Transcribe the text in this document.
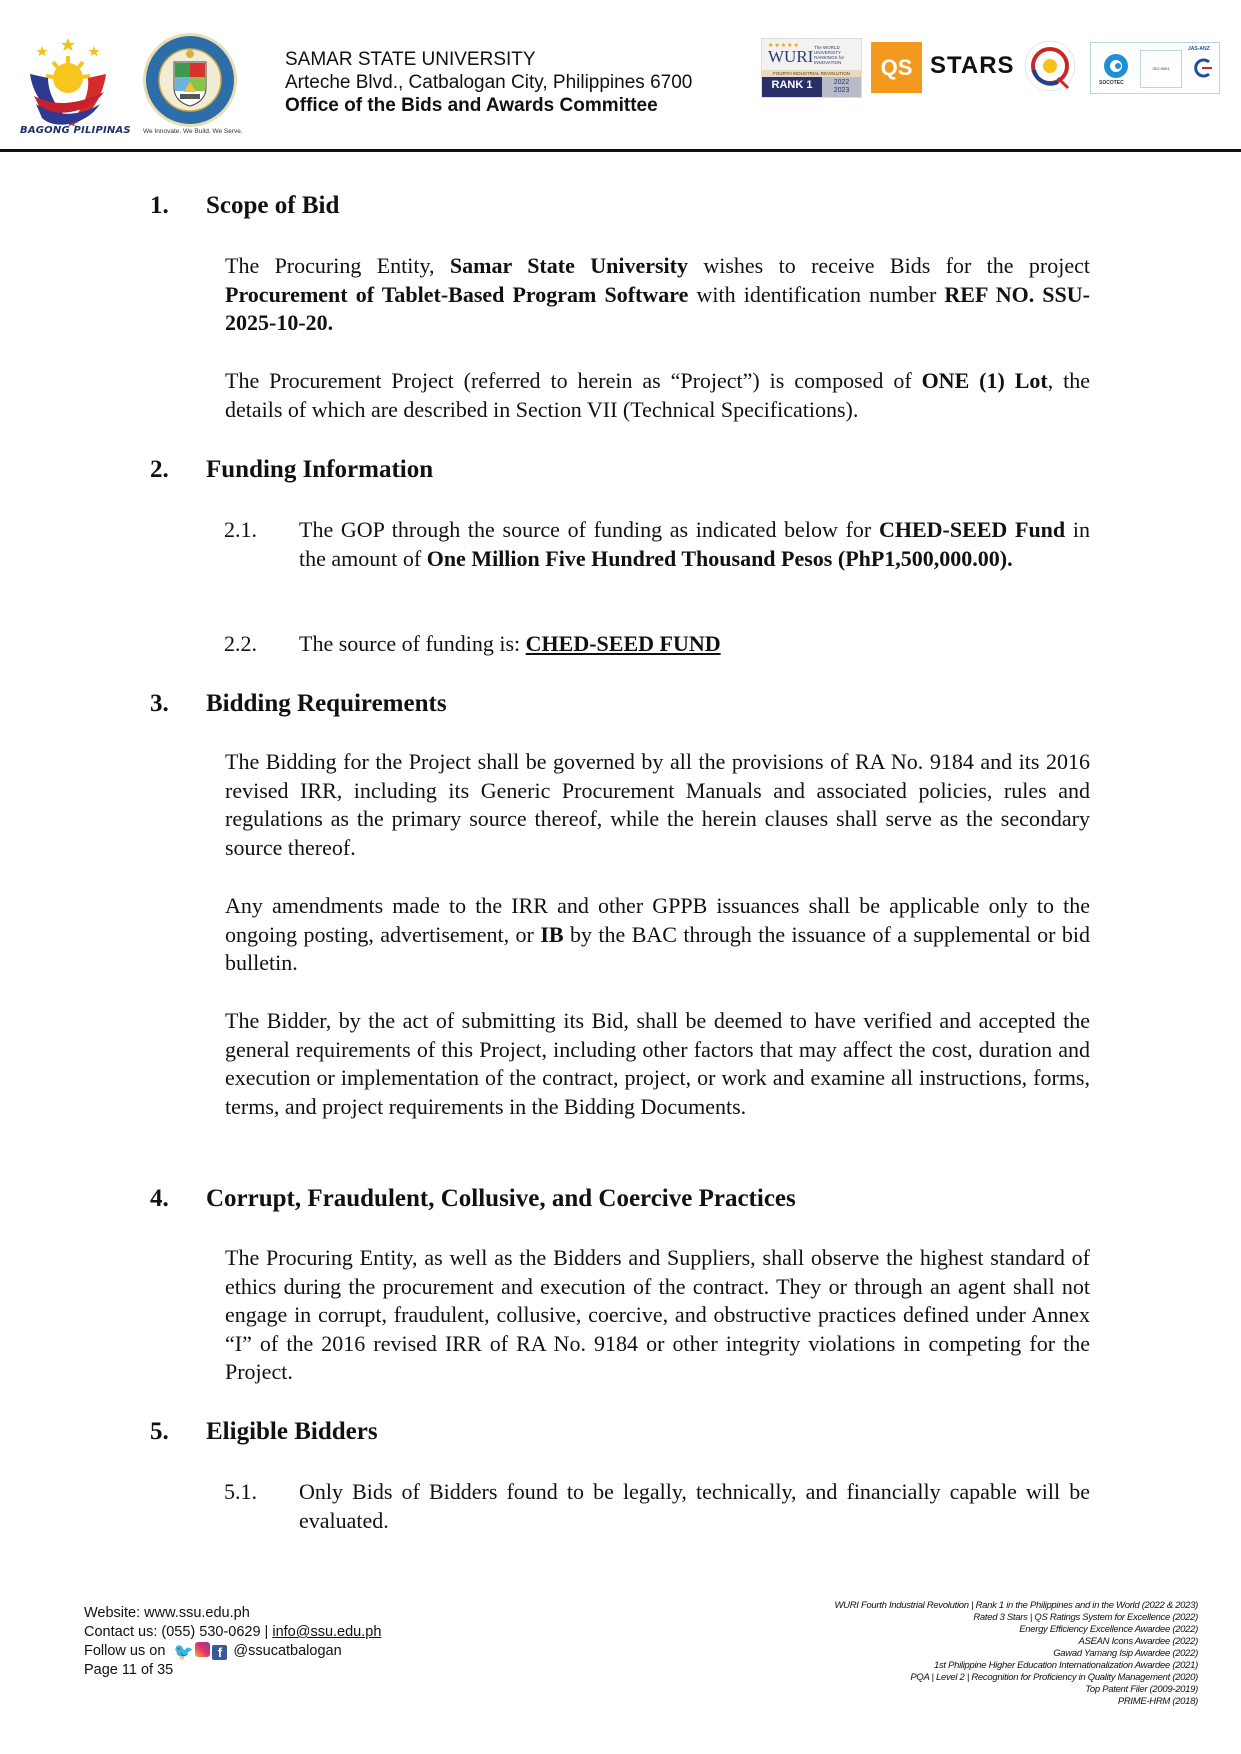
BAGONG PILIPINAS We Innovate. We Build. We Serve.
SAMAR STATE UNIVERSITY
Arteche Blvd., Catbalogan City, Philippines 6700
Office of the Bids and Awards Committee
★★★★★
WURI The WORLD UNIVERSITY RANKINGS for INNOVATION
FOURTH INDUSTRIAL REVOLUTION
RANK 1	2022
2023
QS STARS
SOCOTEC
ISO 9001
JAS-ANZ
1. Scope of Bid
The Procuring Entity, Samar State University wishes to receive Bids for the project Procurement of Tablet-Based Program Software with identification number REF NO. SSU-2025-10-20.
The Procurement Project (referred to herein as “Project”) is composed of ONE (1) Lot, the details of which are described in Section VII (Technical Specifications).
2. Funding Information
2.1. The GOP through the source of funding as indicated below for CHED-SEED Fund in the amount of One Million Five Hundred Thousand Pesos (PhP1,500,000.00).
2.2. The source of funding is: CHED-SEED FUND
3. Bidding Requirements
The Bidding for the Project shall be governed by all the provisions of RA No. 9184 and its 2016 revised IRR, including its Generic Procurement Manuals and associated policies, rules and regulations as the primary source thereof, while the herein clauses shall serve as the secondary source thereof.
Any amendments made to the IRR and other GPPB issuances shall be applicable only to the ongoing posting, advertisement, or IB by the BAC through the issuance of a supplemental or bid bulletin.
The Bidder, by the act of submitting its Bid, shall be deemed to have verified and accepted the general requirements of this Project, including other factors that may affect the cost, duration and execution or implementation of the contract, project, or work and examine all instructions, forms, terms, and project requirements in the Bidding Documents.
4. Corrupt, Fraudulent, Collusive, and Coercive Practices
The Procuring Entity, as well as the Bidders and Suppliers, shall observe the highest standard of ethics during the procurement and execution of the contract. They or through an agent shall not engage in corrupt, fraudulent, collusive, coercive, and obstructive practices defined under Annex “I” of the 2016 revised IRR of RA No. 9184 or other integrity violations in competing for the Project.
5. Eligible Bidders
5.1. Only Bids of Bidders found to be legally, technically, and financially capable will be evaluated.
Website: www.ssu.edu.ph
Contact us: (055) 530-0629 | info@ssu.edu.ph
Follow us on 🐦 f @ssucatbalogan
Page 11 of 35
WURI Fourth Industrial Revolution | Rank 1 in the Philippines and in the World (2022 & 2023)
Rated 3 Stars | QS Ratings System for Excellence (2022)
Energy Efficiency Excellence Awardee (2022)
ASEAN Icons Awardee (2022)
Gawad Yamang Isip Awardee (2022)
1st Philippine Higher Education Internationalization Awardee (2021)
PQA | Level 2 | Recognition for Proficiency in Quality Management (2020)
Top Patent Filer (2009-2019)
PRIME-HRM (2018)
